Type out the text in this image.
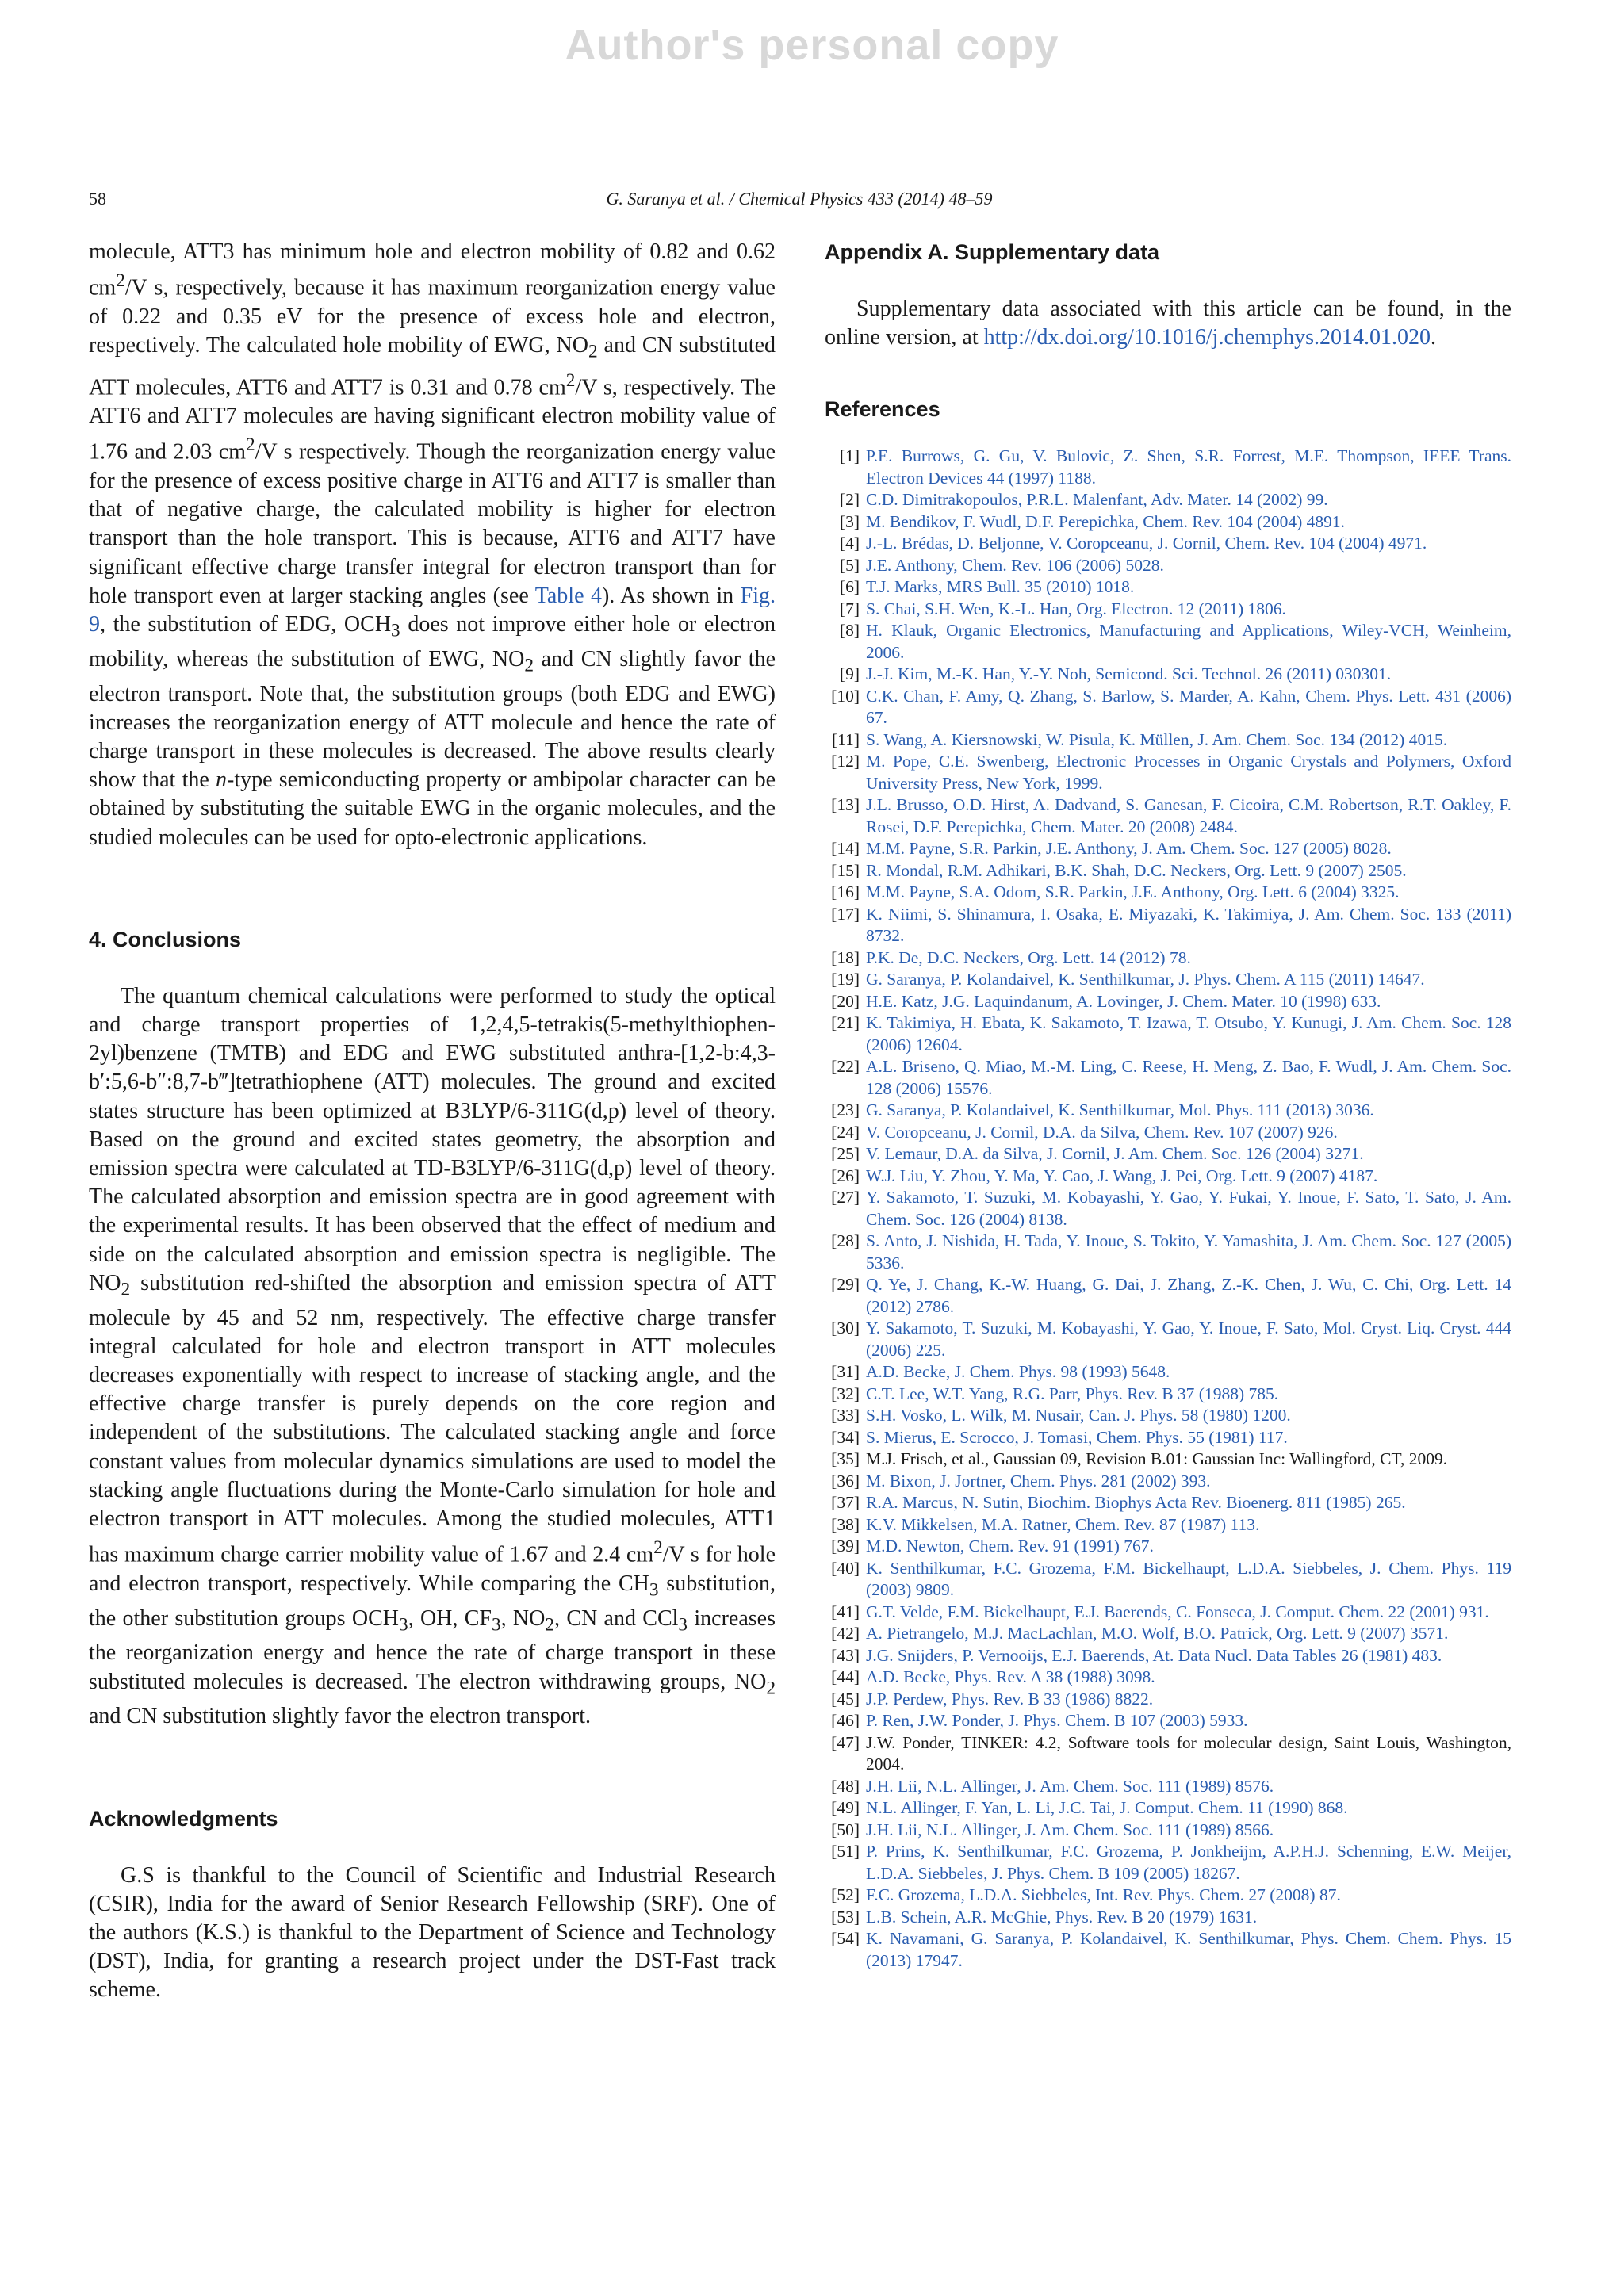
Author's personal copy
58	G. Saranya et al. / Chemical Physics 433 (2014) 48–59

molecule, ATT3 has minimum hole and electron mobility of 0.82 and 0.62 $cm^2/V$ s, respectively, because it has maximum reorganization energy value of 0.22 and 0.35 eV for the presence of excess hole and electron, respectively. The calculated hole mobility of EWG, $NO_2$ and CN substituted ATT molecules, ATT6 and ATT7 is 0.31 and 0.78 $cm^2/V$ s, respectively. The ATT6 and ATT7 molecules are having significant electron mobility value of 1.76 and 2.03 $cm^2/V$ s respectively. Though the reorganization energy value for the presence of excess positive charge in ATT6 and ATT7 is smaller than that of negative charge, the calculated mobility is higher for electron transport than the hole transport. This is because, ATT6 and ATT7 have significant effective charge transfer integral for electron transport than for hole transport even at larger stacking angles (see Table 4). As shown in Fig. 9, the substitution of EDG, $OCH_3$ does not improve either hole or electron mobility, whereas the substitution of EWG, $NO_2$ and CN slightly favor the electron transport. Note that, the substitution groups (both EDG and EWG) increases the reorganization energy of ATT molecule and hence the rate of charge transport in these molecules is decreased. The above results clearly show that the n-type semiconducting property or ambipolar character can be obtained by substituting the suitable EWG in the organic molecules, and the studied molecules can be used for opto-electronic applications.

4. Conclusions

The quantum chemical calculations were performed to study the optical and charge transport properties of 1,2,4,5-tetrakis(5-methylthiophen-2yl)benzene (TMTB) and EDG and EWG substituted anthra-[1,2-b:4,3-b′:5,6-b″:8,7-b‴]tetrathiophene (ATT) molecules. The ground and excited states structure has been optimized at B3LYP/6-311G(d,p) level of theory. Based on the ground and excited states geometry, the absorption and emission spectra were calculated at TD-B3LYP/6-311G(d,p) level of theory. The calculated absorption and emission spectra are in good agreement with the experimental results. It has been observed that the effect of medium and side on the calculated absorption and emission spectra is negligible. The $NO_2$ substitution red-shifted the absorption and emission spectra of ATT molecule by 45 and 52 nm, respectively. The effective charge transfer integral calculated for hole and electron transport in ATT molecules decreases exponentially with respect to increase of stacking angle, and the effective charge transfer is purely depends on the core region and independent of the substitutions. The calculated stacking angle and force constant values from molecular dynamics simulations are used to model the stacking angle fluctuations during the Monte-Carlo simulation for hole and electron transport in ATT molecules. Among the studied molecules, ATT1 has maximum charge carrier mobility value of 1.67 and 2.4 $cm^2/V$ s for hole and electron transport, respectively. While comparing the $CH_3$ substitution, the other substitution groups $OCH_3$, OH, $CF_3$, $NO_2$, CN and CCl$_3$ increases the reorganization energy and hence the rate of charge transport in these substituted molecules is decreased. The electron withdrawing groups, $NO_2$ and CN substitution slightly favor the electron transport.

Acknowledgments

G.S is thankful to the Council of Scientific and Industrial Research (CSIR), India for the award of Senior Research Fellowship (SRF). One of the authors (K.S.) is thankful to the Department of Science and Technology (DST), India, for granting a research project under the DST-Fast track scheme.

Appendix A. Supplementary data

Supplementary data associated with this article can be found, in the online version, at http://dx.doi.org/10.1016/j.chemphys.2014.01.020.

References
[1] P.E. Burrows, G. Gu, V. Bulovic, Z. Shen, S.R. Forrest, M.E. Thompson, IEEE Trans. Electron Devices 44 (1997) 1188.
[2] C.D. Dimitrakopoulos, P.R.L. Malenfant, Adv. Mater. 14 (2002) 99.
[3] M. Bendikov, F. Wudl, D.F. Perepichka, Chem. Rev. 104 (2004) 4891.
[4] J.-L. Brédas, D. Beljonne, V. Coropceanu, J. Cornil, Chem. Rev. 104 (2004) 4971.
[5] J.E. Anthony, Chem. Rev. 106 (2006) 5028.
[6] T.J. Marks, MRS Bull. 35 (2010) 1018.
[7] S. Chai, S.H. Wen, K.-L. Han, Org. Electron. 12 (2011) 1806.
[8] H. Klauk, Organic Electronics, Manufacturing and Applications, Wiley-VCH, Weinheim, 2006.
[9] J.-J. Kim, M.-K. Han, Y.-Y. Noh, Semicond. Sci. Technol. 26 (2011) 030301.
[10] C.K. Chan, F. Amy, Q. Zhang, S. Barlow, S. Marder, A. Kahn, Chem. Phys. Lett. 431 (2006) 67.
[11] S. Wang, A. Kiersnowski, W. Pisula, K. Müllen, J. Am. Chem. Soc. 134 (2012) 4015.
[12] M. Pope, C.E. Swenberg, Electronic Processes in Organic Crystals and Polymers, Oxford University Press, New York, 1999.
[13] J.L. Brusso, O.D. Hirst, A. Dadvand, S. Ganesan, F. Cicoira, C.M. Robertson, R.T. Oakley, F. Rosei, D.F. Perepichka, Chem. Mater. 20 (2008) 2484.
[14] M.M. Payne, S.R. Parkin, J.E. Anthony, J. Am. Chem. Soc. 127 (2005) 8028.
[15] R. Mondal, R.M. Adhikari, B.K. Shah, D.C. Neckers, Org. Lett. 9 (2007) 2505.
[16] M.M. Payne, S.A. Odom, S.R. Parkin, J.E. Anthony, Org. Lett. 6 (2004) 3325.
[17] K. Niimi, S. Shinamura, I. Osaka, E. Miyazaki, K. Takimiya, J. Am. Chem. Soc. 133 (2011) 8732.
[18] P.K. De, D.C. Neckers, Org. Lett. 14 (2012) 78.
[19] G. Saranya, P. Kolandaivel, K. Senthilkumar, J. Phys. Chem. A 115 (2011) 14647.
[20] H.E. Katz, J.G. Laquindanum, A. Lovinger, J. Chem. Mater. 10 (1998) 633.
[21] K. Takimiya, H. Ebata, K. Sakamoto, T. Izawa, T. Otsubo, Y. Kunugi, J. Am. Chem. Soc. 128 (2006) 12604.
[22] A.L. Briseno, Q. Miao, M.-M. Ling, C. Reese, H. Meng, Z. Bao, F. Wudl, J. Am. Chem. Soc. 128 (2006) 15576.
[23] G. Saranya, P. Kolandaivel, K. Senthilkumar, Mol. Phys. 111 (2013) 3036.
[24] V. Coropceanu, J. Cornil, D.A. da Silva, Chem. Rev. 107 (2007) 926.
[25] V. Lemaur, D.A. da Silva, J. Cornil, J. Am. Chem. Soc. 126 (2004) 3271.
[26] W.J. Liu, Y. Zhou, Y. Ma, Y. Cao, J. Wang, J. Pei, Org. Lett. 9 (2007) 4187.
[27] Y. Sakamoto, T. Suzuki, M. Kobayashi, Y. Gao, Y. Fukai, Y. Inoue, F. Sato, T. Sato, J. Am. Chem. Soc. 126 (2004) 8138.
[28] S. Anto, J. Nishida, H. Tada, Y. Inoue, S. Tokito, Y. Yamashita, J. Am. Chem. Soc. 127 (2005) 5336.
[29] Q. Ye, J. Chang, K.-W. Huang, G. Dai, J. Zhang, Z.-K. Chen, J. Wu, C. Chi, Org. Lett. 14 (2012) 2786.
[30] Y. Sakamoto, T. Suzuki, M. Kobayashi, Y. Gao, Y. Inoue, F. Sato, Mol. Cryst. Liq. Cryst. 444 (2006) 225.
[31] A.D. Becke, J. Chem. Phys. 98 (1993) 5648.
[32] C.T. Lee, W.T. Yang, R.G. Parr, Phys. Rev. B 37 (1988) 785.
[33] S.H. Vosko, L. Wilk, M. Nusair, Can. J. Phys. 58 (1980) 1200.
[34] S. Mierus, E. Scrocco, J. Tomasi, Chem. Phys. 55 (1981) 117.
[35] M.J. Frisch, et al., Gaussian 09, Revision B.01: Gaussian Inc: Wallingford, CT, 2009.
[36] M. Bixon, J. Jortner, Chem. Phys. 281 (2002) 393.
[37] R.A. Marcus, N. Sutin, Biochim. Biophys Acta Rev. Bioenerg. 811 (1985) 265.
[38] K.V. Mikkelsen, M.A. Ratner, Chem. Rev. 87 (1987) 113.
[39] M.D. Newton, Chem. Rev. 91 (1991) 767.
[40] K. Senthilkumar, F.C. Grozema, F.M. Bickelhaupt, L.D.A. Siebbeles, J. Chem. Phys. 119 (2003) 9809.
[41] G.T. Velde, F.M. Bickelhaupt, E.J. Baerends, C. Fonseca, J. Comput. Chem. 22 (2001) 931.
[42] A. Pietrangelo, M.J. MacLachlan, M.O. Wolf, B.O. Patrick, Org. Lett. 9 (2007) 3571.
[43] J.G. Snijders, P. Vernooijs, E.J. Baerends, At. Data Nucl. Data Tables 26 (1981) 483.
[44] A.D. Becke, Phys. Rev. A 38 (1988) 3098.
[45] J.P. Perdew, Phys. Rev. B 33 (1986) 8822.
[46] P. Ren, J.W. Ponder, J. Phys. Chem. B 107 (2003) 5933.
[47] J.W. Ponder, TINKER: 4.2, Software tools for molecular design, Saint Louis, Washington, 2004.
[48] J.H. Lii, N.L. Allinger, J. Am. Chem. Soc. 111 (1989) 8576.
[49] N.L. Allinger, F. Yan, L. Li, J.C. Tai, J. Comput. Chem. 11 (1990) 868.
[50] J.H. Lii, N.L. Allinger, J. Am. Chem. Soc. 111 (1989) 8566.
[51] P. Prins, K. Senthilkumar, F.C. Grozema, P. Jonkheijm, A.P.H.J. Schenning, E.W. Meijer, L.D.A. Siebbeles, J. Phys. Chem. B 109 (2005) 18267.
[52] F.C. Grozema, L.D.A. Siebbeles, Int. Rev. Phys. Chem. 27 (2008) 87.
[53] L.B. Schein, A.R. McGhie, Phys. Rev. B 20 (1979) 1631.
[54] K. Navamani, G. Saranya, P. Kolandaivel, K. Senthilkumar, Phys. Chem. Chem. Phys. 15 (2013) 17947.
